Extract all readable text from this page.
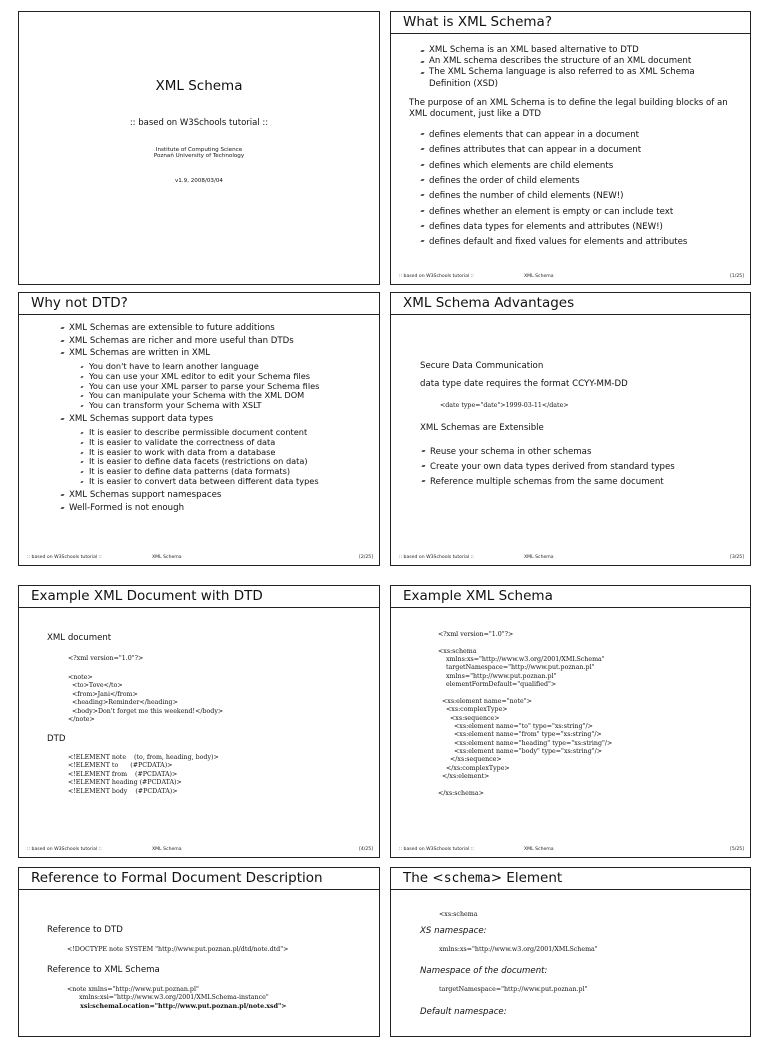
XML Schema
:: based on W3Schools tutorial ::
Institute of Computing Science
Poznań University of Technology
v1.9, 2008/03/04
What is XML Schema?
XML Schema is an XML based alternative to DTD
An XML schema describes the structure of an XML document
The XML Schema language is also referred to as XML Schema Definition (XSD)
The purpose of an XML Schema is to define the legal building blocks of an XML document, just like a DTD
defines elements that can appear in a document
defines attributes that can appear in a document
defines which elements are child elements
defines the order of child elements
defines the number of child elements (NEW!)
defines whether an element is empty or can include text
defines data types for elements and attributes (NEW!)
defines default and fixed values for elements and attributes
:: based on W3Schools tutorial ::	XML Schema	[1/25]
Why not DTD?
XML Schemas are extensible to future additions
XML Schemas are richer and more useful than DTDs
XML Schemas are written in XML
You don't have to learn another language
You can use your XML editor to edit your Schema files
You can use your XML parser to parse your Schema files
You can manipulate your Schema with the XML DOM
You can transform your Schema with XSLT
XML Schemas support data types
It is easier to describe permissible document content
It is easier to validate the correctness of data
It is easier to work with data from a database
It is easier to define data facets (restrictions on data)
It is easier to define data patterns (data formats)
It is easier to convert data between different data types
XML Schemas support namespaces
Well-Formed is not enough
:: based on W3Schools tutorial ::	XML Schema	[2/25]
XML Schema Advantages
Secure Data Communication
data type date requires the format CCYY-MM-DD
<date type="date">1999-03-11</date>
XML Schemas are Extensible
Reuse your schema in other schemas
Create your own data types derived from standard types
Reference multiple schemas from the same document
:: based on W3Schools tutorial ::	XML Schema	[3/25]
Example XML Document with DTD
XML document
<?xml version="1.0"?>
<note>
<to>Tove</to>
<from>Jani</from>
<heading>Reminder</heading>
<body>Don't forget me this weekend!</body>
</note>
DTD
<!ELEMENT note    (to, from, heading, body)>
<!ELEMENT to      (#PCDATA)>
<!ELEMENT from    (#PCDATA)>
<!ELEMENT heading (#PCDATA)>
<!ELEMENT body    (#PCDATA)>
:: based on W3Schools tutorial ::	XML Schema	[4/25]
Example XML Schema
<?xml version="1.0"?>

<xs:schema
xmlns:xs="http://www.w3.org/2001/XMLSchema"
targetNamespace="http://www.put.poznan.pl"
xmlns="http://www.put.poznan.pl"
elementFormDefault="qualified">

<xs:element name="note">
<xs:complexType>
<xs:sequence>
<xs:element name="to" type="xs:string"/>
<xs:element name="from" type="xs:string"/>
<xs:element name="heading" type="xs:string"/>
<xs:element name="body" type="xs:string"/>
</xs:sequence>
</xs:complexType>
</xs:element>

</xs:schema>
:: based on W3Schools tutorial ::	XML Schema	[5/25]
Reference to Formal Document Description
Reference to DTD
<!DOCTYPE note SYSTEM "http://www.put.poznan.pl/dtd/note.dtd">
Reference to XML Schema
<note xmlns="http://www.put.poznan.pl"
xmlns:xsi="http://www.w3.org/2001/XMLSchema-instance"
xsi:schemaLocation="http://www.put.poznan.pl/note.xsd">
The <schema> Element
<xs:schema
XS namespace:
xmlns:xs="http://www.w3.org/2001/XMLSchema"
Namespace of the document:
targetNamespace="http://www.put.poznan.pl"
Default namespace:
